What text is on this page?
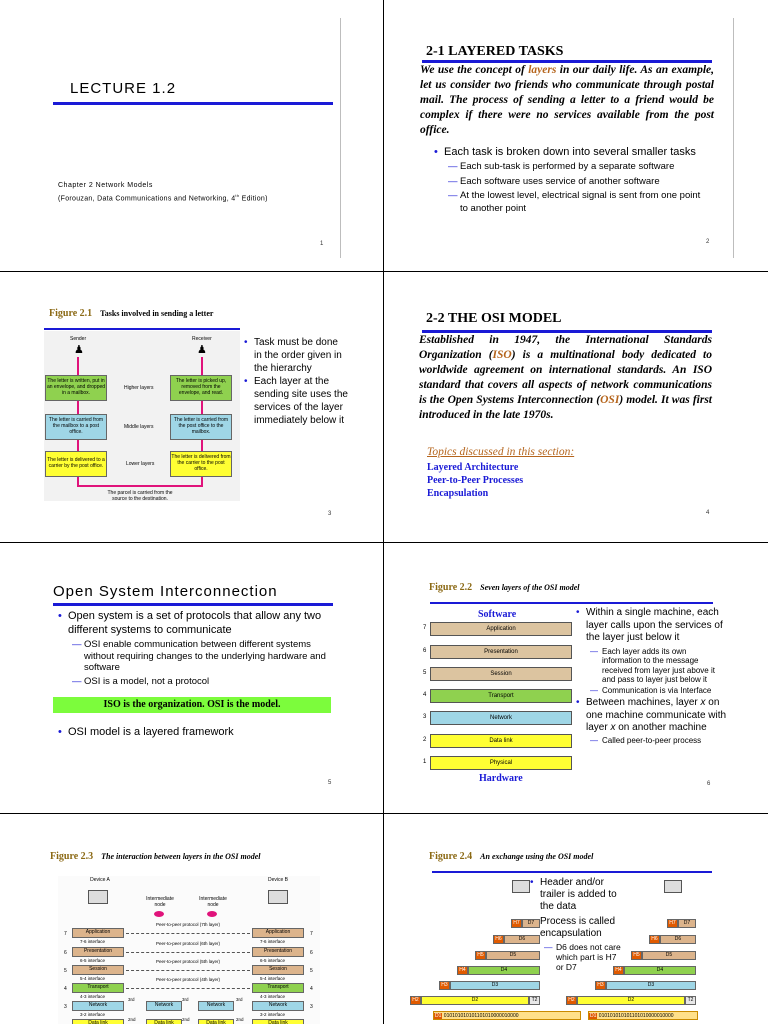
LECTURE 1.2
Chapter 2 Network Models
(Forouzan, Data Communications and Networking, 4th Edition)
1
2-1 LAYERED TASKS
We use the concept of layers in our daily life. As an example, let us consider two friends who communicate through postal mail. The process of sending a letter to a friend would be complex if there were no services available from the post office.
• Each task is broken down into several smaller tasks
— Each sub-task is performed by a separate software
— Each software uses service of another software
— At the lowest level, electrical signal is sent from one point to another point
2
Figure 2.1 Tasks involved in sending a letter
Sender	Receiver
♟	♟
The letter is written, put in an envelope, and dropped in a mailbox.
The letter is carried from the mailbox to a post office.
The letter is delivered to a carrier by the post office.
The letter is picked up, removed from the envelope, and read.
The letter is carried from the post office to the mailbox.
The letter is delivered from the carrier to the post office.
Higher layers
Middle layers
Lower layers
The parcel is carried from the source to the destination.
• Task must be done in the order given in the hierarchy
• Each layer at the sending site uses the services of the layer immediately below it
3
2-2 THE OSI MODEL
Established in 1947, the International Standards Organization (ISO) is a multinational body dedicated to worldwide agreement on international standards. An ISO standard that covers all aspects of network communications is the Open Systems Interconnection (OSI) model. It was first introduced in the late 1970s.
Topics discussed in this section:
Layered Architecture
Peer-to-Peer Processes
Encapsulation
4
Open System Interconnection
• Open system is a set of protocols that allow any two different systems to communicate
— OSI enable communication between different systems without requiring changes to the underlying hardware and software
— OSI is a model, not a protocol
ISO is the organization. OSI is the model.
• OSI model is a layered framework
5
Figure 2.2 Seven layers of the OSI model
Software
7	Application
6	Presentation
5	Session
4	Transport
3	Network
2	Data link
1	Physical
Hardware
• Within a single machine, each layer calls upon the services of the layer just below it
— Each layer adds its own information to the message received from layer just above it and pass to layer just below it
— Communication is via Interface
• Between machines, layer x on one machine communicate with layer x on another machine
— Called peer-to-peer process
6
Figure 2.3 The interaction between layers in the OSI model
Device A	Device B
Intermediate node
Intermediate node
7	Application	Application	7
Peer-to-peer protocol (7th layer)
7-6 interface	7-6 interface
6	Presentation	Presentation	6
Peer-to-peer protocol (6th layer)
6-5 interface	6-5 interface
5	Session	Session	5
Peer-to-peer protocol (5th layer)
5-4 interface	5-4 interface
4	Transport	Transport	4
Peer-to-peer protocol (4th layer)
4-3 interface	4-3 interface
3	Network	Network	Network	Network	3
3rd	3rd	3rd
3-2 interface	3-2 interface
Data link	Data link	Data link	Data link
2nd	2nd	2nd
Figure 2.4 An exchange using the OSI model
• Header and/or trailer is added to the data
• Process is called encapsulation
— D6 does not care which part is H7 or D7
H7	D7
H6	D6
H5	D5
H4	D4
H3	D3
H2	D2	T2
H7	D7
H6	D6
H5	D5
H4	D4
H3	D3
H2	D2	T2
D1 010101010101101010000010000	D1 010101010101101010000010000
